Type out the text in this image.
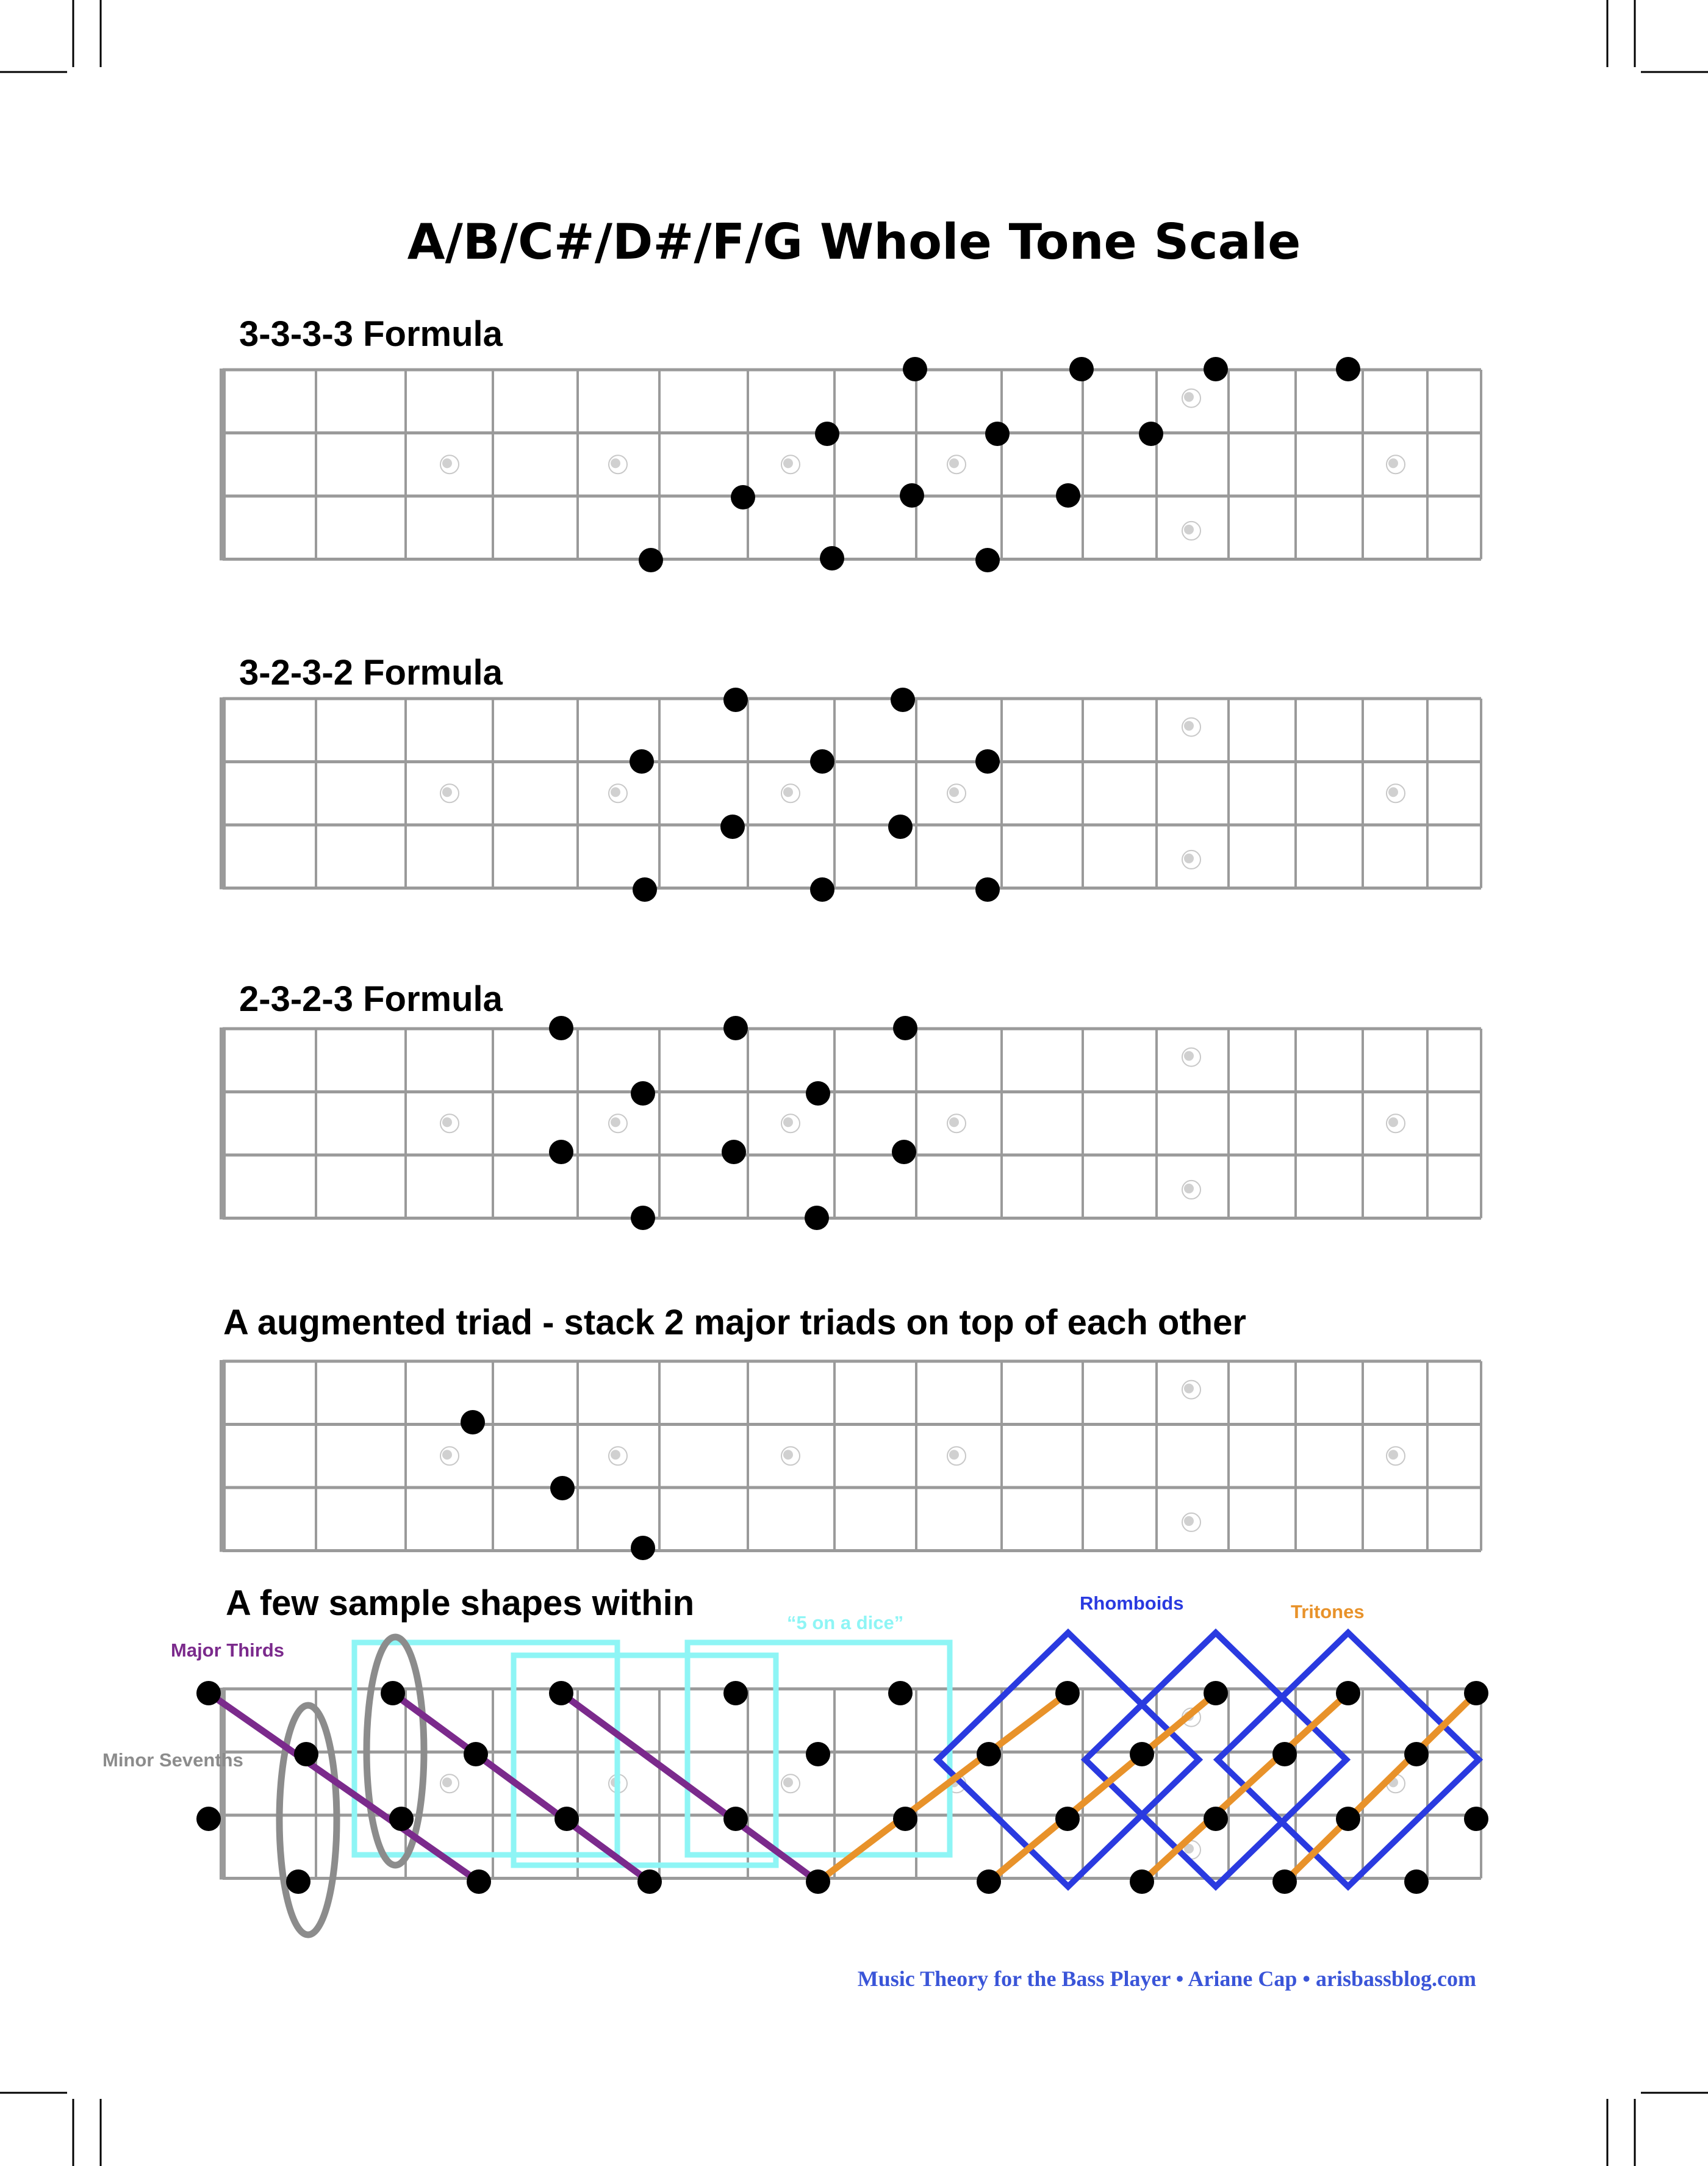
A/B/C#/D#/F/G Whole Tone Scale
3-3-3-3 Formula
3-2-3-2 Formula
2-3-2-3 Formula
A augmented triad - stack 2 major triads on top of each other
A few sample shapes within
Major Thirds
Minor Sevenths
“5 on a dice”
Rhomboids	Tritones
Music Theory for the Bass Player • Ariane Cap • arisbassblog.com
